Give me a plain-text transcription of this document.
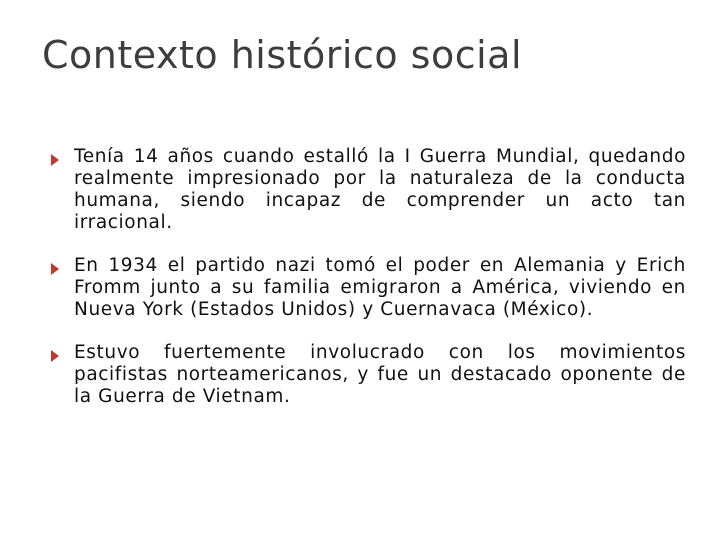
Contexto histórico social
Tenía 14 años cuando estalló la I Guerra Mundial, quedando realmente impresionado por la naturaleza de la conducta humana, siendo incapaz de comprender un acto tan irracional.
En 1934 el partido nazi tomó el poder en Alemania y Erich Fromm junto a su familia emigraron a América, viviendo en Nueva York (Estados Unidos) y Cuernavaca (México).
Estuvo fuertemente involucrado con los movimientos pacifistas norteamericanos, y fue un destacado oponente de la Guerra de Vietnam.
